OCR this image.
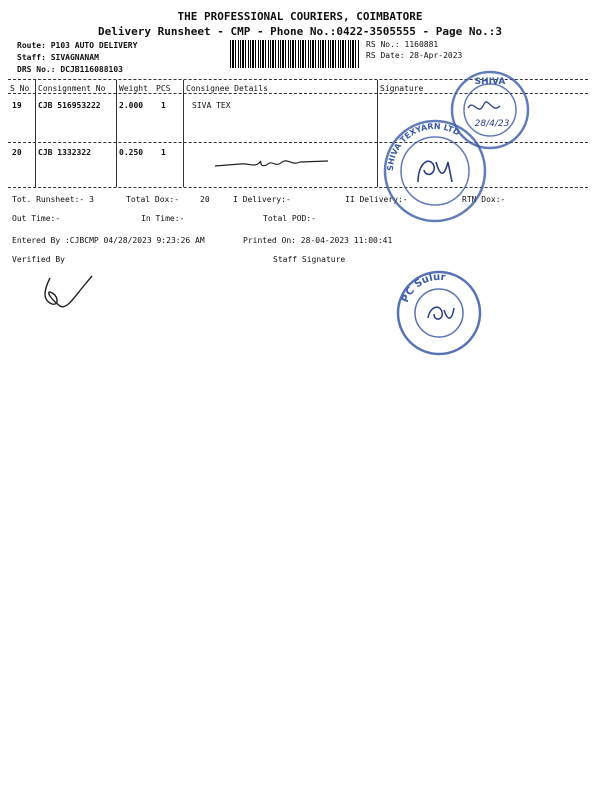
THE PROFESSIONAL COURIERS, COIMBATORE
Delivery Runsheet - CMP - Phone No.:0422-3505555 - Page No.:3
Route: P103 AUTO DELIVERY
Staff: SIVAGNANAM
DRS No.: DCJB116088103
RS No.: 1160881
RS Date: 28-Apr-2023
S No Consignment No Weight PCS Consignee Details	Signature
19 CJB 516953222 2.000 1	SIVA TEX
20 CJB 1332322	0.250 1
Tot. Runsheet:- 3	Total Dox:-	20	I Delivery:-	II Delivery:-	RTN Dox:-
Out Time:-	In Time:-	Total POD:-
Entered By :CJBCMP 04/28/2023 9:23:26 AM	Printed On: 28-04-2023 11:00:41
Verified By	Staff Signature
SHIVA
28/4/23
SHIVA TEXYARN LTD
PC Sulur
